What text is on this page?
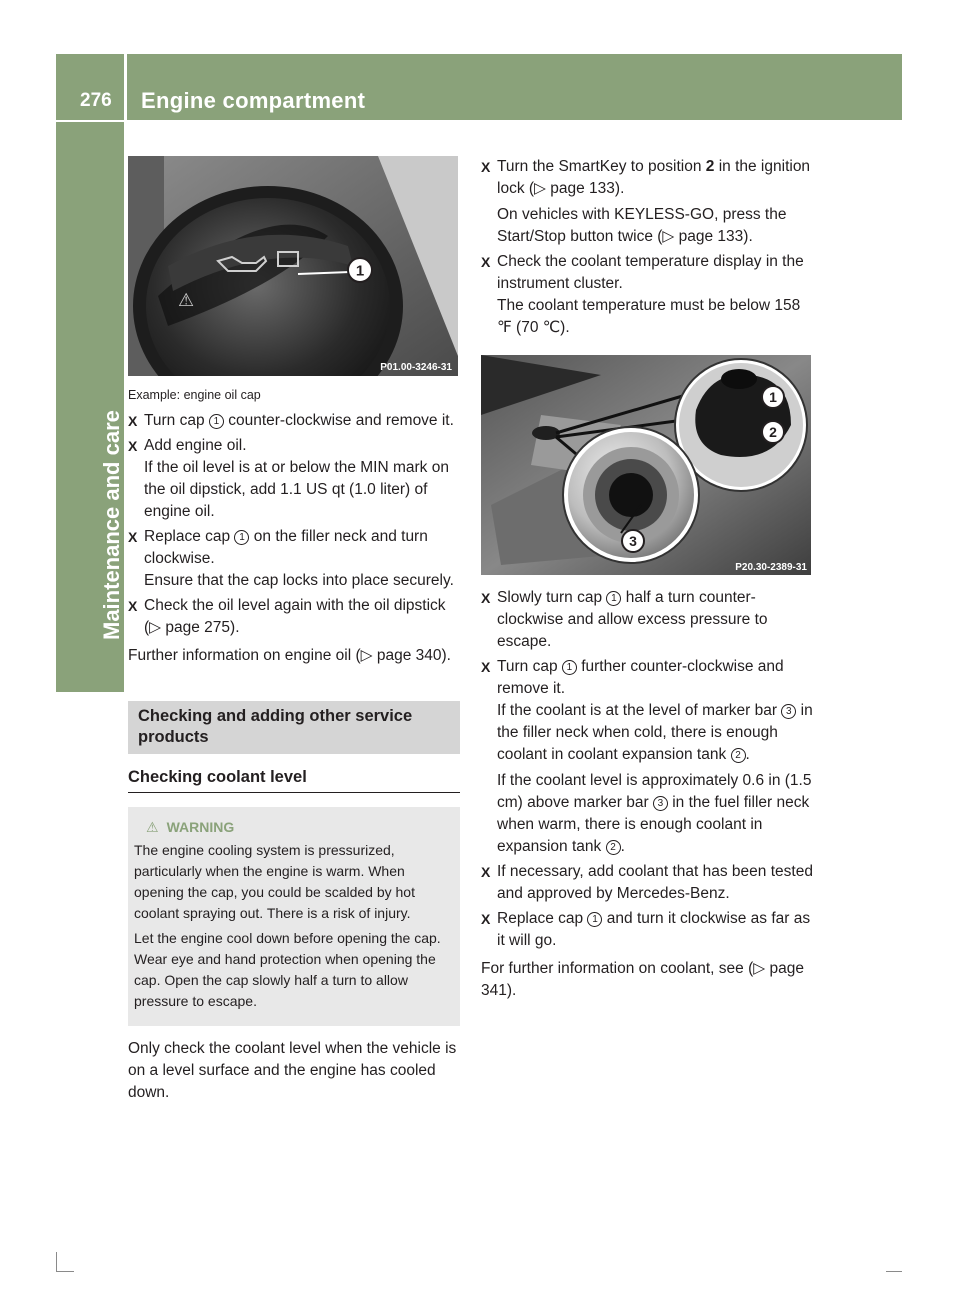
276 Engine compartment
Maintenance and care
⚠
1
P01.00-3246-31
Example: engine oil cap
X Turn cap 1 counter-clockwise and remove it.
X Add engine oil.
If the oil level is at or below the MIN mark on the oil dipstick, add 1.1 US qt (1.0 liter) of engine oil.
X Replace cap 1 on the filler neck and turn clockwise.
Ensure that the cap locks into place securely.
X Check the oil level again with the oil dipstick (▷ page 275).
Further information on engine oil (▷ page 340).
Checking and adding other service products
Checking coolant level
⚠ WARNING

The engine cooling system is pressurized, particularly when the engine is warm. When opening the cap, you could be scalded by hot coolant spraying out. There is a risk of injury.

Let the engine cool down before opening the cap. Wear eye and hand protection when opening the cap. Open the cap slowly half a turn to allow pressure to escape.

Only check the coolant level when the vehicle is on a level surface and the engine has cooled down.
X Turn the SmartKey to position 2 in the ignition lock (▷ page 133).
On vehicles with KEYLESS-GO, press the Start/Stop button twice (▷ page 133).
X Check the coolant temperature display in the instrument cluster.
The coolant temperature must be below 158 ℉ (70 ℃).
1
2
3
P20.30-2389-31
X Slowly turn cap 1 half a turn counter-clockwise and allow excess pressure to escape.
X Turn cap 1 further counter-clockwise and remove it.
If the coolant is at the level of marker bar 3 in the filler neck when cold, there is enough coolant in coolant expansion tank 2 .
If the coolant level is approximately 0.6 in (1.5 cm) above marker bar 3 in the fuel filler neck when warm, there is enough coolant in expansion tank 2 .
X If necessary, add coolant that has been tested and approved by Mercedes-Benz.
X Replace cap 1 and turn it clockwise as far as it will go.
For further information on coolant, see (▷ page 341).
